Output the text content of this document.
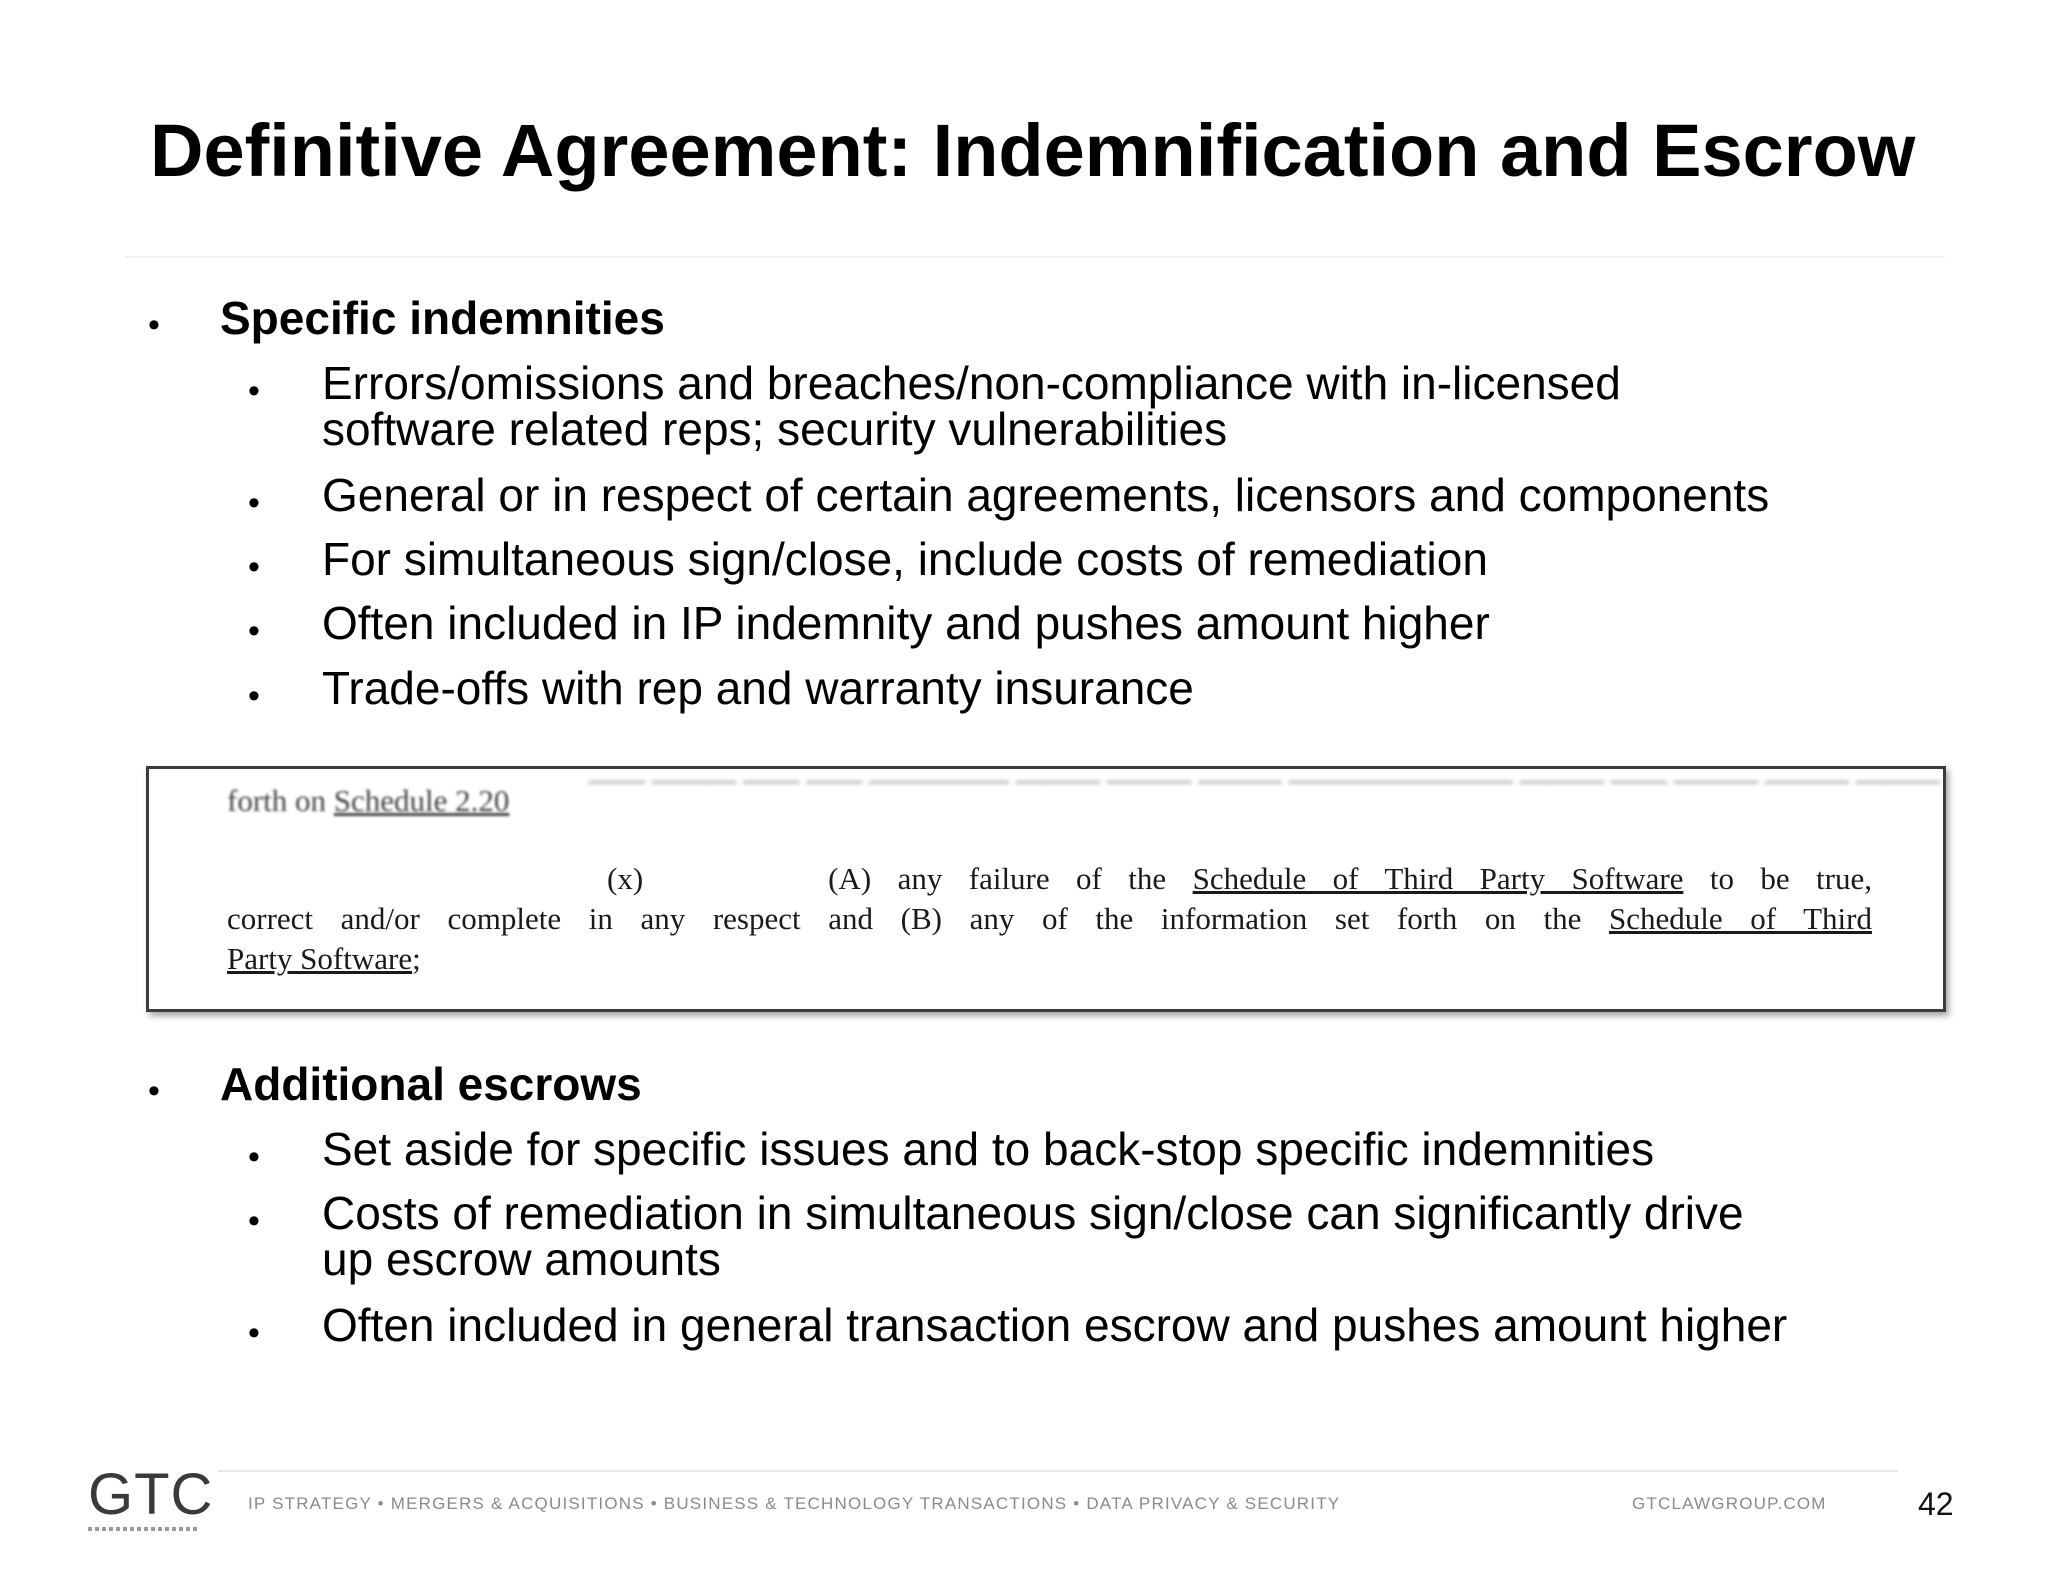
Definitive Agreement: Indemnification and Escrow
• Specific indemnities
• Errors/omissions and breaches/non-compliance with in-licensed
software related reps; security vulnerabilities
• General or in respect of certain agreements, licensors and components
• For simultaneous sign/close, include costs of remediation
• Often included in IP indemnity and pushes amount higher
• Trade-offs with rep and warranty insurance
—— ——— —— —— ————— ——— ——— ——— ———————— ——— —— ——— ——— ———
forth on Schedule 2.20
(x)	(A) any failure of the Schedule of Third Party Software to be true,
correct and/or complete in any respect and (B) any of the information set forth on the Schedule of Third
Party Software;
• Additional escrows
• Set aside for specific issues and to back-stop specific indemnities
• Costs of remediation in simultaneous sign/close can significantly drive
up escrow amounts
• Often included in general transaction escrow and pushes amount higher
GTC IP STRATEGY • MERGERS & ACQUISITIONS • BUSINESS & TECHNOLOGY TRANSACTIONS • DATA PRIVACY & SECURITY	GTCLAWGROUP.COM	42
